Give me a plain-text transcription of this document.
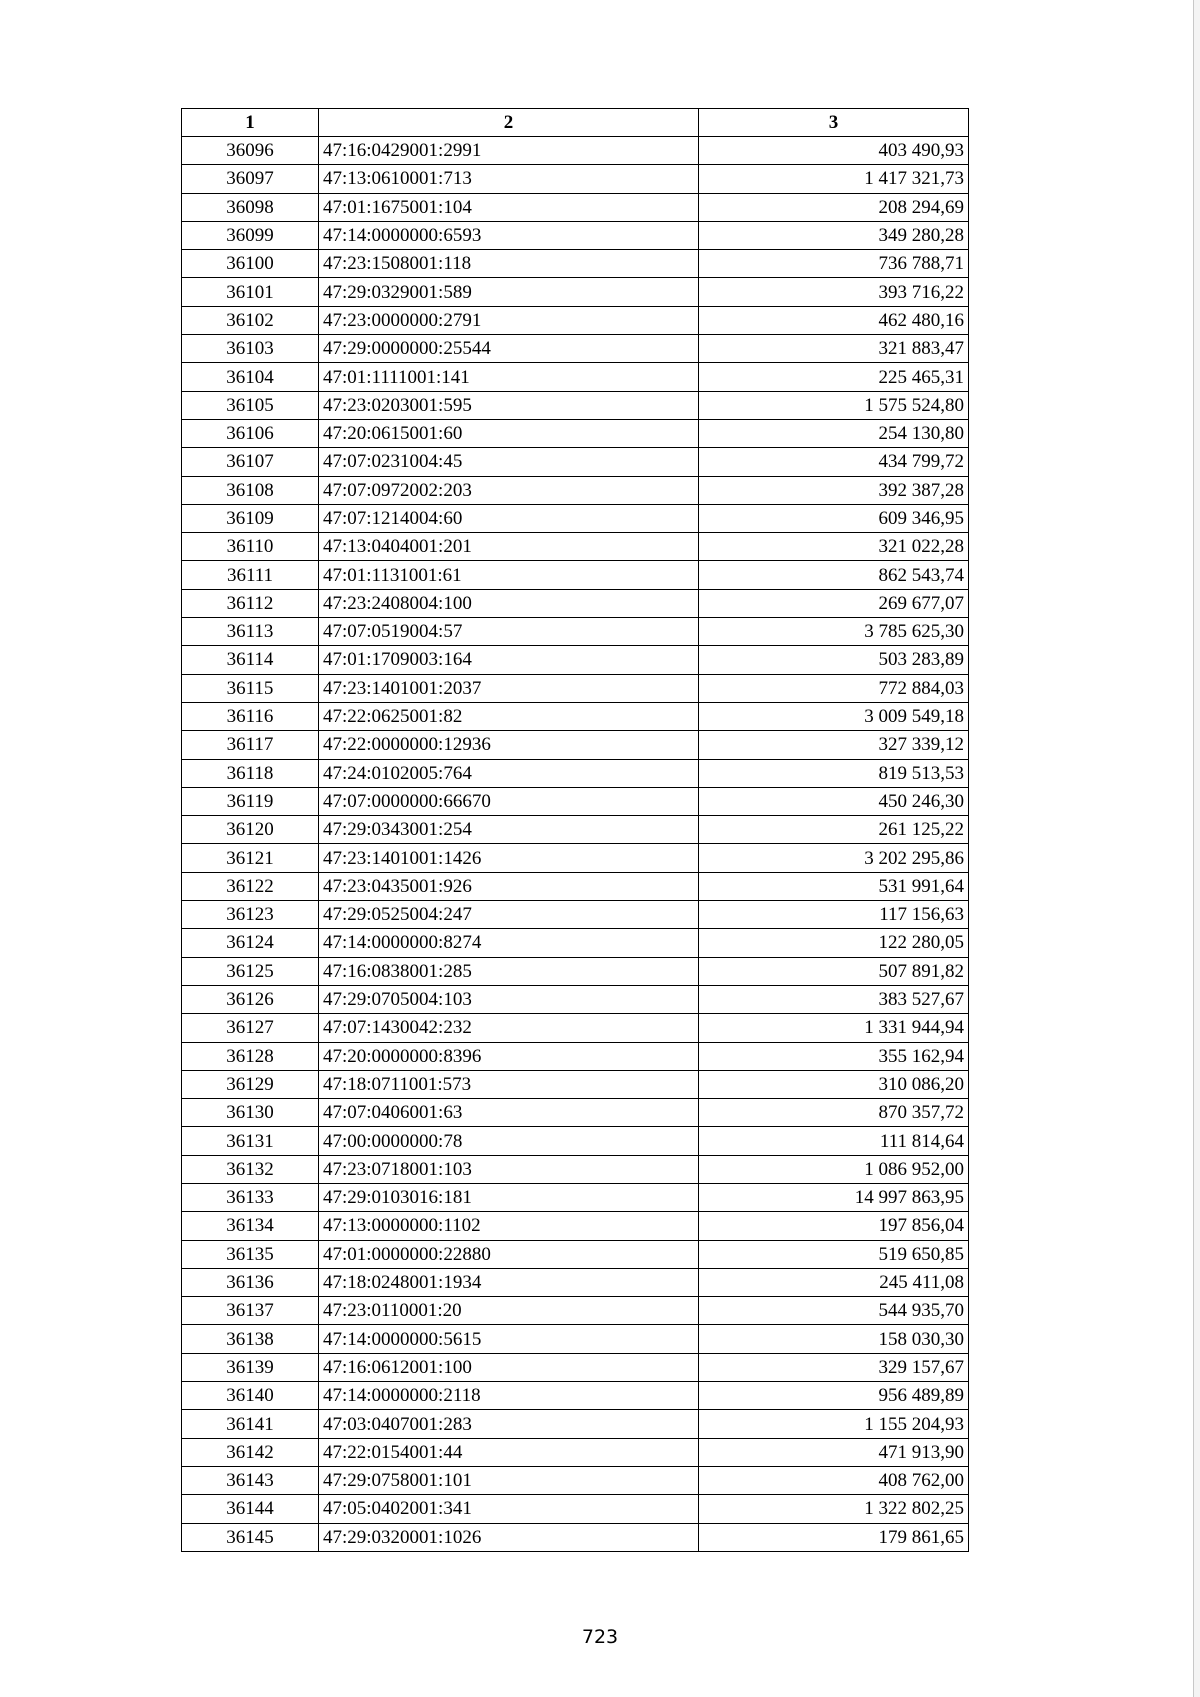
1	2	3
36096	47:16:0429001:2991	403 490,93
36097	47:13:0610001:713	1 417 321,73
36098	47:01:1675001:104	208 294,69
36099	47:14:0000000:6593	349 280,28
36100	47:23:1508001:118	736 788,71
36101	47:29:0329001:589	393 716,22
36102	47:23:0000000:2791	462 480,16
36103	47:29:0000000:25544	321 883,47
36104	47:01:1111001:141	225 465,31
36105	47:23:0203001:595	1 575 524,80
36106	47:20:0615001:60	254 130,80
36107	47:07:0231004:45	434 799,72
36108	47:07:0972002:203	392 387,28
36109	47:07:1214004:60	609 346,95
36110	47:13:0404001:201	321 022,28
36111	47:01:1131001:61	862 543,74
36112	47:23:2408004:100	269 677,07
36113	47:07:0519004:57	3 785 625,30
36114	47:01:1709003:164	503 283,89
36115	47:23:1401001:2037	772 884,03
36116	47:22:0625001:82	3 009 549,18
36117	47:22:0000000:12936	327 339,12
36118	47:24:0102005:764	819 513,53
36119	47:07:0000000:66670	450 246,30
36120	47:29:0343001:254	261 125,22
36121	47:23:1401001:1426	3 202 295,86
36122	47:23:0435001:926	531 991,64
36123	47:29:0525004:247	117 156,63
36124	47:14:0000000:8274	122 280,05
36125	47:16:0838001:285	507 891,82
36126	47:29:0705004:103	383 527,67
36127	47:07:1430042:232	1 331 944,94
36128	47:20:0000000:8396	355 162,94
36129	47:18:0711001:573	310 086,20
36130	47:07:0406001:63	870 357,72
36131	47:00:0000000:78	111 814,64
36132	47:23:0718001:103	1 086 952,00
36133	47:29:0103016:181	14 997 863,95
36134	47:13:0000000:1102	197 856,04
36135	47:01:0000000:22880	519 650,85
36136	47:18:0248001:1934	245 411,08
36137	47:23:0110001:20	544 935,70
36138	47:14:0000000:5615	158 030,30
36139	47:16:0612001:100	329 157,67
36140	47:14:0000000:2118	956 489,89
36141	47:03:0407001:283	1 155 204,93
36142	47:22:0154001:44	471 913,90
36143	47:29:0758001:101	408 762,00
36144	47:05:0402001:341	1 322 802,25
36145	47:29:0320001:1026	179 861,65
723
